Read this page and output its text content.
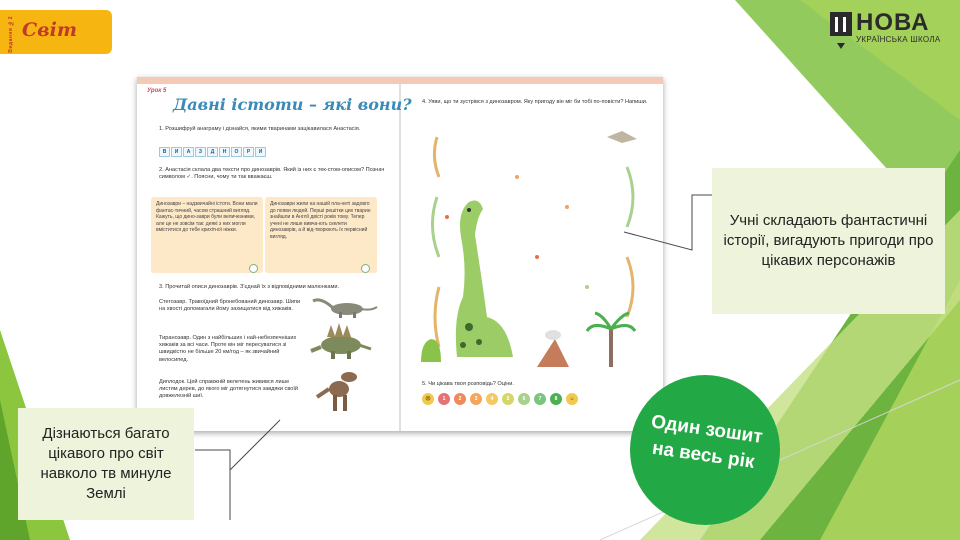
Видання №2 Світ	НОВА
УКРАЇНСЬКА ШКОЛА
Урок 5
Давні істоти – які вони?
1. Розшифруй анаграму і дізнайся, якими тваринами зацікавилася Анастасія.
В	И	А	З	Д	Н	О	Р	И
2. Анастасія склала два тексти про динозаврів. Який із них є тек-стом-описом? Познач символом ✓. Поясни, чому ти так вважаєш.
Динозаври – надзвичайні істоти. Вони мали фантас-тичний, часом страшний вигляд. Кажуть, що дино-заври були величезними, але це не зовсім так: деякі з них могли вміститися до тебе крихітної ніжки.
Динозаври жили на нашій пла-неті задовго до появи людей. Перші решітки цих тварин знайшли в Англії двісті років тому. Тепер учені не лише вивча-ють скелети динозаврів, а й від-творюють їх первісний вигляд.
3. Прочитай описи динозаврів. З'єднай їх з відповідними малюнками.
Стегозавр. Травоїдний бронебований динозавр. Шипи на хвості допомагали йому захищатися від хижаків.
Тиранозавр. Один з найбільших і най-небезпечніших хижаків за всі часи. Проте він міг пересуватися зі швидкістю не більше 20 км/год – як звичайний велосипед.
Диплодок. Цей справжній велетень живився лише листям дерев, до якого міг дотягнутися завдяки своїй довжелезній шиї.
4. Уяви, що ти зустрівся з динозавром. Яку пригоду він міг би тобі по-повісти? Напиши.
5. Чи цікава твоя розповідь? Оціни.
☹	1	2	3	4	5	6	7	8	☺
Учні складають фантастичні історії, вигадують пригоди про цікавих персонажів
Дізнаються багато цікавого про світ навколо тв минуле Землі
Один зошит
на весь рік
